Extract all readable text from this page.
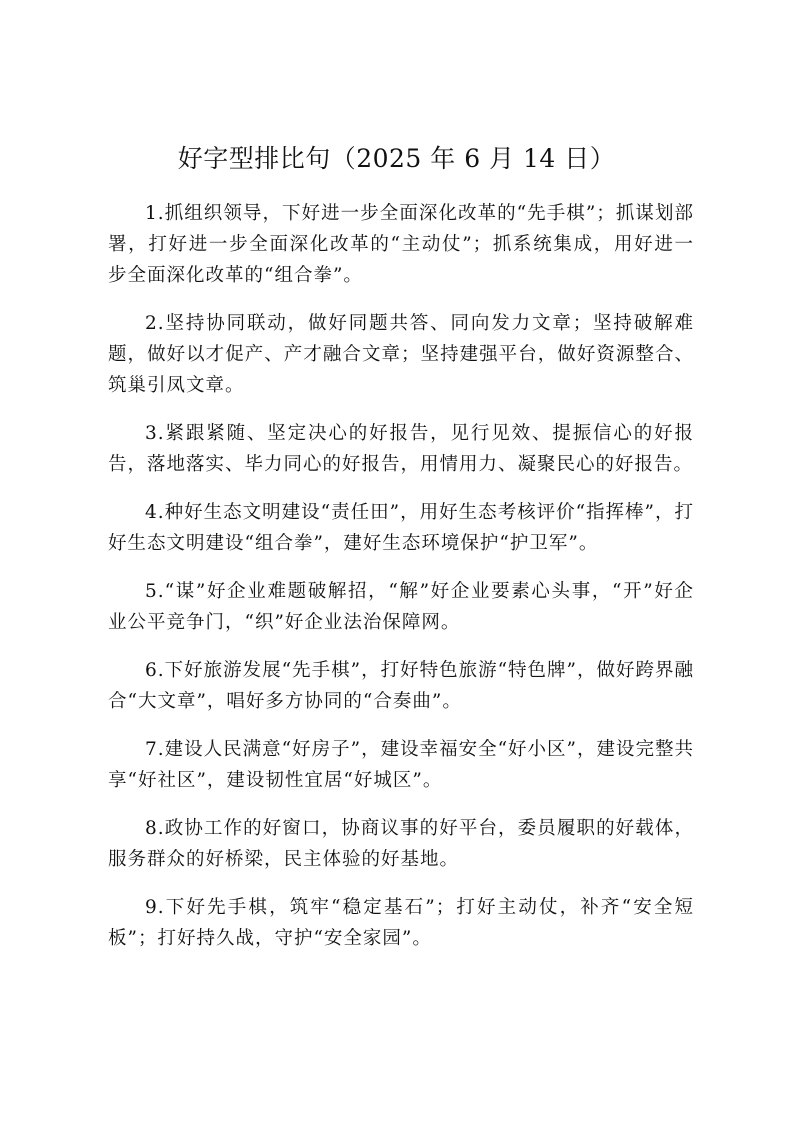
好字型排比句（2025 年 6 月 14 日）

1.抓组织领导，下好进一步全面深化改革的“先手棋”；抓谋划部署，打好进一步全面深化改革的“主动仗”；抓系统集成，用好进一步全面深化改革的“组合拳”。

2.坚持协同联动，做好同题共答、同向发力文章；坚持破解难题，做好以才促产、产才融合文章；坚持建强平台，做好资源整合、筑巢引凤文章。

3.紧跟紧随、坚定决心的好报告，见行见效、提振信心的好报告，落地落实、毕力同心的好报告，用情用力、凝聚民心的好报告。

4.种好生态文明建设“责任田”，用好生态考核评价“指挥棒”，打好生态文明建设“组合拳”，建好生态环境保护“护卫军”。

5.“谋”好企业难题破解招，“解”好企业要素心头事，“开”好企业公平竞争门，“织”好企业法治保障网。

6.下好旅游发展“先手棋”，打好特色旅游“特色牌”，做好跨界融合“大文章”，唱好多方协同的“合奏曲”。

7.建设人民满意“好房子”，建设幸福安全“好小区”，建设完整共享“好社区”，建设韧性宜居“好城区”。

8.政协工作的好窗口，协商议事的好平台，委员履职的好载体，服务群众的好桥梁，民主体验的好基地。

9.下好先手棋，筑牢“稳定基石”；打好主动仗，补齐“安全短板”；打好持久战，守护“安全家园”。
